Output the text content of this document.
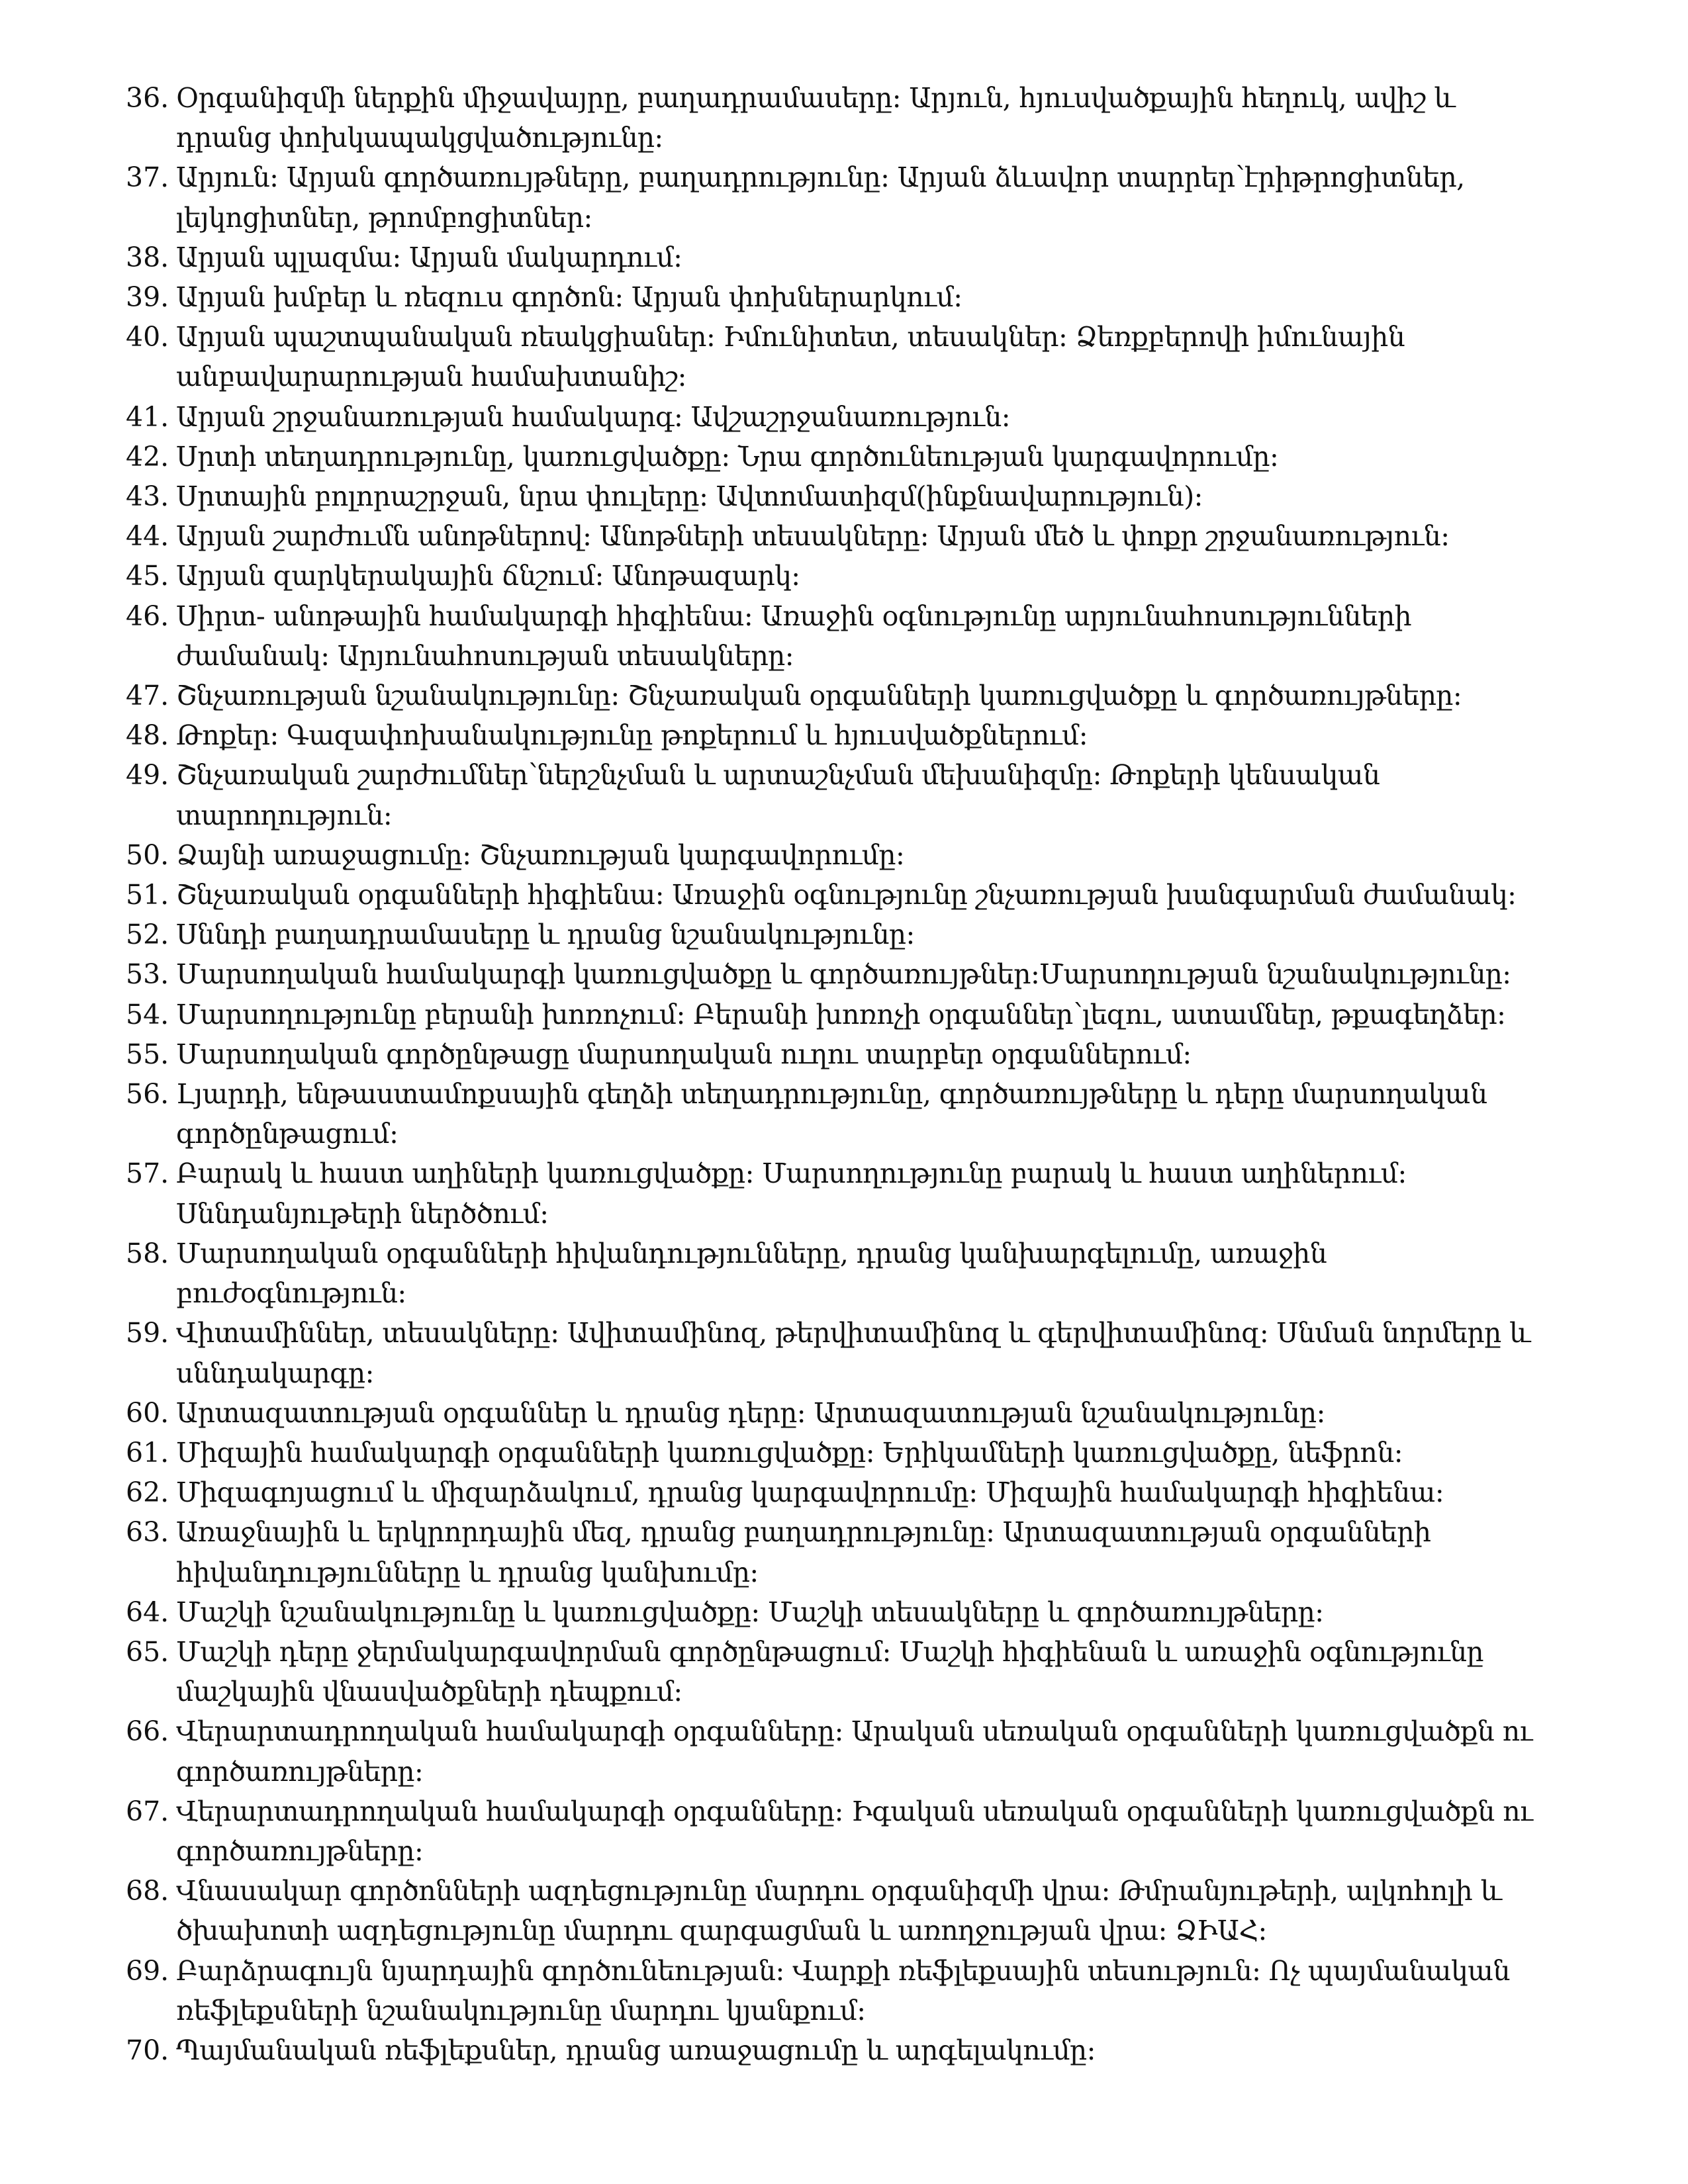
36. Օրգանիզմի ներքին միջավայրը, բաղադրամասերը: Արյուն, հյուսվածքային հեղուկ, ավիշ և դրանց փոխկապակցվածությունը:
37. Արյուն: Արյան գործառույթները, բաղադրությունը: Արյան ձևավոր տարրեր՝էրիթրոցիտներ, լեյկոցիտներ, թրոմբոցիտներ:
38. Արյան պլազմա: Արյան մակարդում:
39. Արյան խմբեր և ռեզուս գործոն: Արյան փոխներարկում:
40. Արյան պաշտպանական ռեակցիաներ: Իմունիտետ, տեսակներ: Ձեռքբերովի իմունային անբավարարության համախտանիշ:
41. Արյան շրջանառության համակարգ: Ավշաշրջանառություն:
42. Սրտի տեղադրությունը, կառուցվածքը: Նրա գործունեության կարգավորումը:
43. Սրտային բոլորաշրջան, նրա փուլերը: Ավտոմատիզմ(ինքնավարություն):
44. Արյան շարժումն անոթներով: Անոթների տեսակները: Արյան մեծ և փոքր շրջանառություն:
45. Արյան զարկերակային ճնշում: Անոթազարկ:
46. Սիրտ- անոթային համակարգի հիգիենա: Առաջին օգնությունը արյունահոսությունների ժամանակ: Արյունահոսության տեսակները:
47. Շնչառության նշանակությունը: Շնչառական օրգանների կառուցվածքը և գործառույթները:
48. Թոքեր: Գազափոխանակությունը թոքերում և հյուսվածքներում:
49. Շնչառական շարժումներ՝ներշնչման և արտաշնչման մեխանիզմը: Թոքերի կենսական տարողություն:
50. Ձայնի առաջացումը: Շնչառության կարգավորումը:
51. Շնչառական օրգանների հիգիենա: Առաջին օգնությունը շնչառության խանգարման ժամանակ:
52. Սննդի բաղադրամասերը և դրանց նշանակությունը:
53. Մարսողական համակարգի կառուցվածքը և գործառույթներ:Մարսողության նշանակությունը:
54. Մարսողությունը բերանի խոռոչում: Բերանի խոռոչի օրգաններ՝լեզու, ատամներ, թքագեղձեր:
55. Մարսողական գործընթացը մարսողական ուղու տարբեր օրգաններում:
56. Լյարդի, ենթաստամոքսային գեղձի տեղադրությունը, գործառույթները և դերը մարսողական գործընթացում:
57. Բարակ և հաստ աղիների կառուցվածքը: Մարսողությունը բարակ և հաստ աղիներում: Սննդանյութերի ներծծում:
58. Մարսողական օրգանների հիվանդությունները, դրանց կանխարգելումը, առաջին բուժօգնություն:
59. Վիտամիններ, տեսակները: Ավիտամինոզ, թերվիտամինոզ և գերվիտամինոզ: Սնման նորմերը և սննդակարգը:
60. Արտազատության օրգաններ և դրանց դերը: Արտազատության նշանակությունը:
61. Միզային համակարգի օրգանների կառուցվածքը: Երիկամների կառուցվածքը, նեֆրոն:
62. Միզագոյացում և միզարձակում, դրանց կարգավորումը: Միզային համակարգի հիգիենա:
63. Առաջնային և երկրորդային մեզ, դրանց բաղադրությունը: Արտազատության օրգանների հիվանդությունները և դրանց կանխումը:
64. Մաշկի նշանակությունը և կառուցվածքը: Մաշկի տեսակները և գործառույթները:
65. Մաշկի դերը ջերմակարգավորման գործընթացում: Մաշկի հիգիենան և առաջին օգնությունը մաշկային վնասվածքների դեպքում:
66. Վերարտադրողական համակարգի օրգանները: Արական սեռական օրգանների կառուցվածքն ու գործառույթները:
67. Վերարտադրողական համակարգի օրգանները: Իգական սեռական օրգանների կառուցվածքն ու գործառույթները:
68. Վնասակար գործոնների ազդեցությունը մարդու օրգանիզմի վրա: Թմրանյութերի, ալկոհոլի և ծխախոտի ազդեցությունը մարդու զարգացման և առողջության վրա: ՁԻԱՀ:
69. Բարձրագույն նյարդային գործունեության: Վարքի ռեֆլեքսային տեսություն: Ոչ պայմանական ռեֆլեքսների նշանակությունը մարդու կյանքում:
70. Պայմանական ռեֆլեքսներ, դրանց առաջացումը և արգելակումը:
